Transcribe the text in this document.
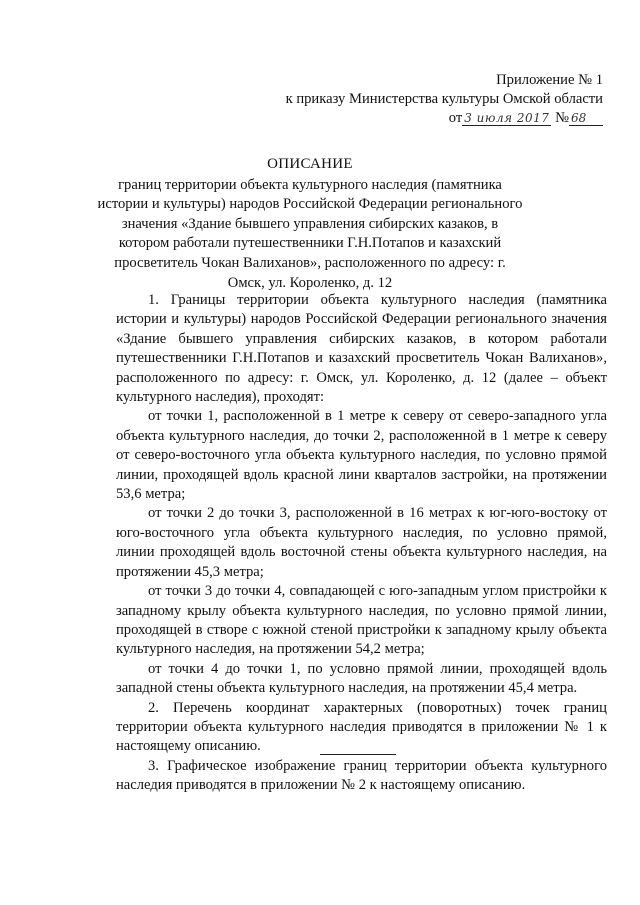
Приложение № 1
к приказу Министерства культуры Омской области
от 3 июля 2017 № 68
ОПИСАНИЕ
границ территории объекта культурного наследия (памятника истории и культуры) народов Российской Федерации регионального значения «Здание бывшего управления сибирских казаков, в котором работали путешественники Г.Н.Потапов и казахский просветитель Чокан Валиханов», расположенного по адресу: г. Омск, ул. Короленко, д. 12

1. Границы территории объекта культурного наследия (памятника истории и культуры) народов Российской Федерации регионального значения «Здание бывшего управления сибирских казаков, в котором работали путешественники Г.Н.Потапов и казахский просветитель Чокан Валиханов», расположенного по адресу: г. Омск, ул. Короленко, д. 12 (далее – объект культурного наследия), проходят:

от точки 1, расположенной в 1 метре к северу от северо-западного угла объекта культурного наследия, до точки 2, расположенной в 1 метре к северу от северо-восточного угла объекта культурного наследия, по условно прямой линии, проходящей вдоль красной лини кварталов застройки, на протяжении 53,6 метра;

от точки 2 до точки 3, расположенной в 16 метрах к юг-юго-востоку от юго-восточного угла объекта культурного наследия, по условно прямой, линии проходящей вдоль восточной стены объекта культурного наследия, на протяжении 45,3 метра;

от точки 3 до точки 4, совпадающей с юго-западным углом пристройки к западному крылу объекта культурного наследия, по условно прямой линии, проходящей в створе с южной стеной пристройки к западному крылу объекта культурного наследия, на протяжении 54,2 метра;

от точки 4 до точки 1, по условно прямой линии, проходящей вдоль западной стены объекта культурного наследия, на протяжении 45,4 метра.

2. Перечень координат характерных (поворотных) точек границ территории объекта культурного наследия приводятся в приложении № 1 к настоящему описанию.

3. Графическое изображение границ территории объекта культурного наследия приводятся в приложении № 2 к настоящему описанию.
